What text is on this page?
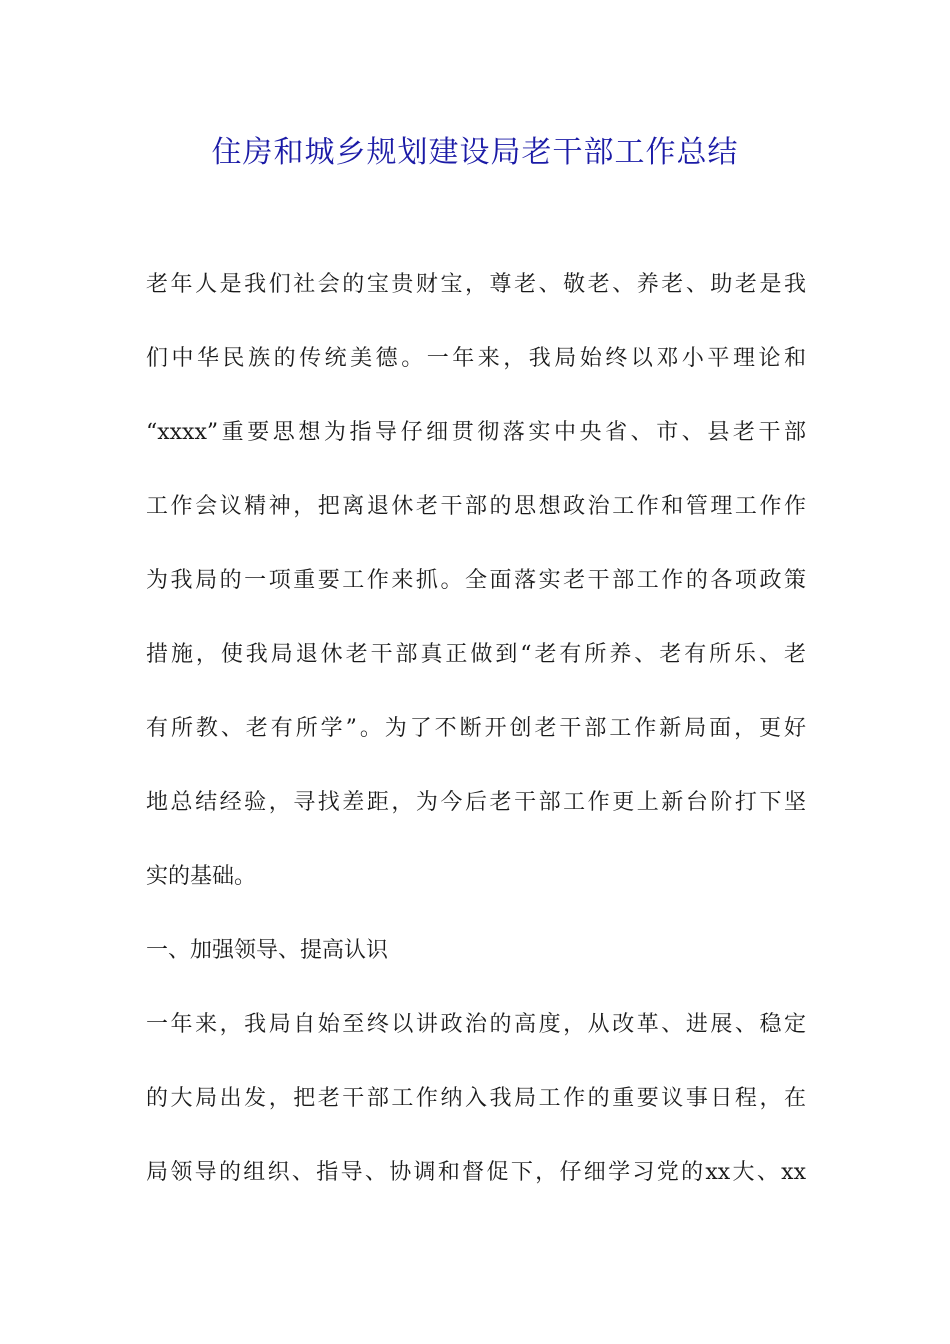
住房和城乡规划建设局老干部工作总结
老年人是我们社会的宝贵财宝，尊老、敬老、养老、助老是我
们中华民族的传统美德。一年来，我局始终以邓小平理论和
“xxxx”重要思想为指导仔细贯彻落实中央省、市、县老干部
工作会议精神，把离退休老干部的思想政治工作和管理工作作
为我局的一项重要工作来抓。全面落实老干部工作的各项政策
措施，使我局退休老干部真正做到“老有所养、老有所乐、老
有所教、老有所学”。为了不断开创老干部工作新局面，更好
地总结经验，寻找差距，为今后老干部工作更上新台阶打下坚
实的基础。
一、加强领导、提高认识
一年来，我局自始至终以讲政治的高度，从改革、进展、稳定
的大局出发，把老干部工作纳入我局工作的重要议事日程，在
局领导的组织、指导、协调和督促下，仔细学习党的xx大、xx
